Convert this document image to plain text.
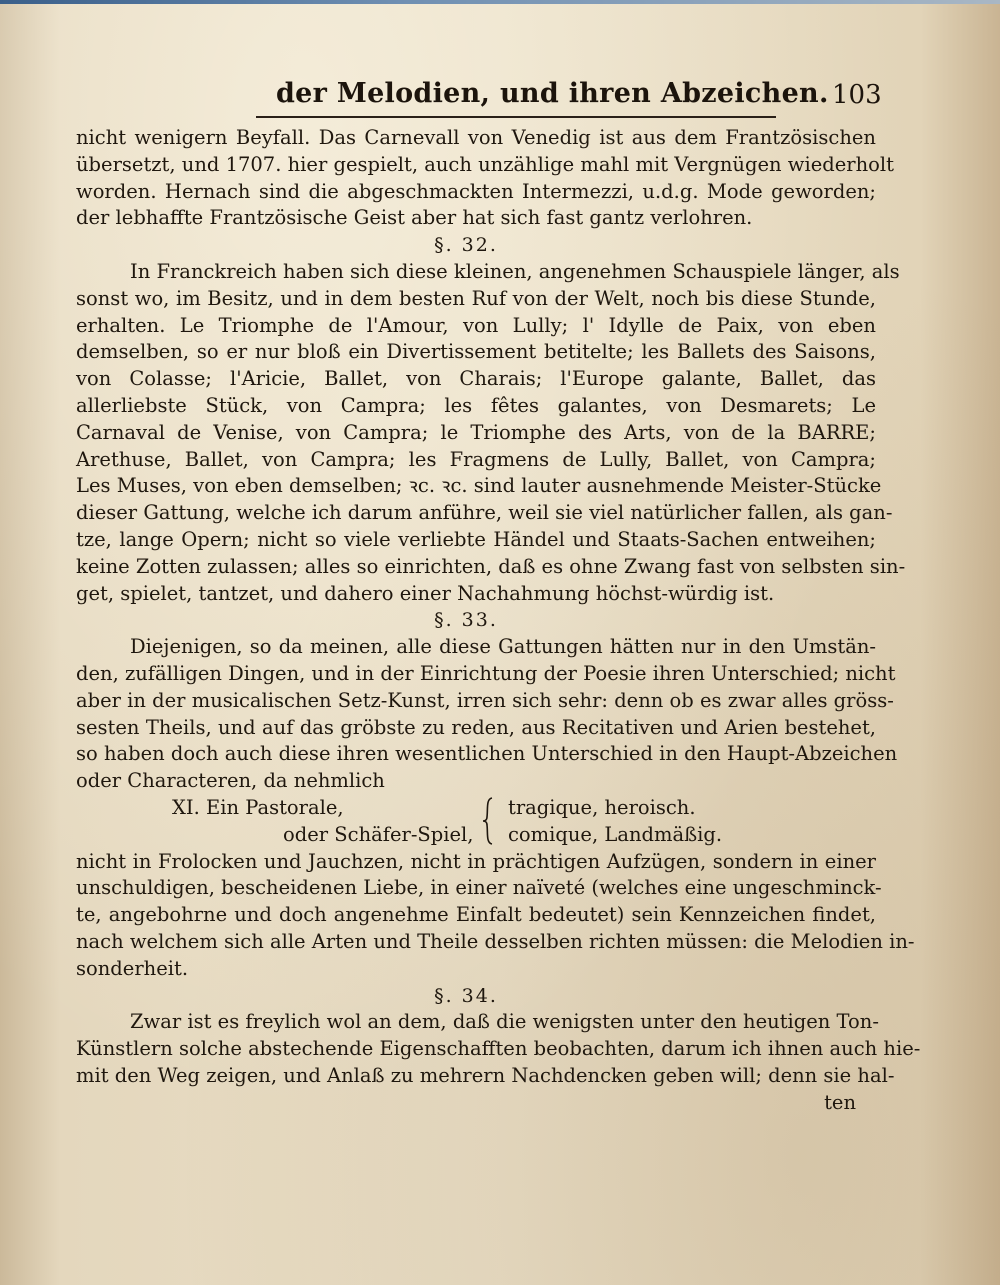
der Melodien, und ihren Abzeichen. 103
nicht wenigern Beyfall. Das Carnevall von Venedig ist aus dem Frantzösischen
übersetzt, und 1707. hier gespielt, auch unzählige mahl mit Vergnügen wiederholt
worden. Hernach sind die abgeschmackten Intermezzi, u.d.g. Mode geworden;
der lebhaffte Frantzösische Geist aber hat sich fast gantz verlohren.
§. 32.
In Franckreich haben sich diese kleinen, angenehmen Schauspiele länger, als
sonst wo, im Besitz, und in dem besten Ruf von der Welt, noch bis diese Stunde,
erhalten. Le Triomphe de l'Amour, von Lully; l' Idylle de Paix, von eben
demselben, so er nur bloß ein Divertissement betitelte; les Ballets des Saisons,
von Colasse; l'Aricie, Ballet, von Charais; l'Europe galante, Ballet, das
allerliebste Stück, von Campra; les fêtes galantes, von Desmarets; Le
Carnaval de Venise, von Campra; le Triomphe des Arts, von de la BARRE;
Arethuse, Ballet, von Campra; les Fragmens de Lully, Ballet, von Campra;
Les Muses, von eben demselben; ꝛc. ꝛc. sind lauter ausnehmende Meister-Stücke
dieser Gattung, welche ich darum anführe, weil sie viel natürlicher fallen, als gan-
tze, lange Opern; nicht so viele verliebte Händel und Staats-Sachen entweihen;
keine Zotten zulassen; alles so einrichten, daß es ohne Zwang fast von selbsten sin-
get, spielet, tantzet, und dahero einer Nachahmung höchst-würdig ist.
§. 33.
Diejenigen, so da meinen, alle diese Gattungen hätten nur in den Umstän-
den, zufälligen Dingen, und in der Einrichtung der Poesie ihren Unterschied; nicht
aber in der musicalischen Setz-Kunst, irren sich sehr: denn ob es zwar alles gröss-
sesten Theils, und auf das gröbste zu reden, aus Recitativen und Arien bestehet,
so haben doch auch diese ihren wesentlichen Unterschied in den Haupt-Abzeichen
oder Characteren, da nehmlich
XI. Ein Pastorale,
oder Schäfer-Spiel,
tragique, heroisch.
comique, Landmäßig.
nicht in Frolocken und Jauchzen, nicht in prächtigen Aufzügen, sondern in einer
unschuldigen, bescheidenen Liebe, in einer naïveté (welches eine ungeschminck-
te, angebohrne und doch angenehme Einfalt bedeutet) sein Kennzeichen findet,
nach welchem sich alle Arten und Theile desselben richten müssen: die Melodien in-
sonderheit.
§. 34.
Zwar ist es freylich wol an dem, daß die wenigsten unter den heutigen Ton-
Künstlern solche abstechende Eigenschafften beobachten, darum ich ihnen auch hie-
mit den Weg zeigen, und Anlaß zu mehrern Nachdencken geben will; denn sie hal-
ten
